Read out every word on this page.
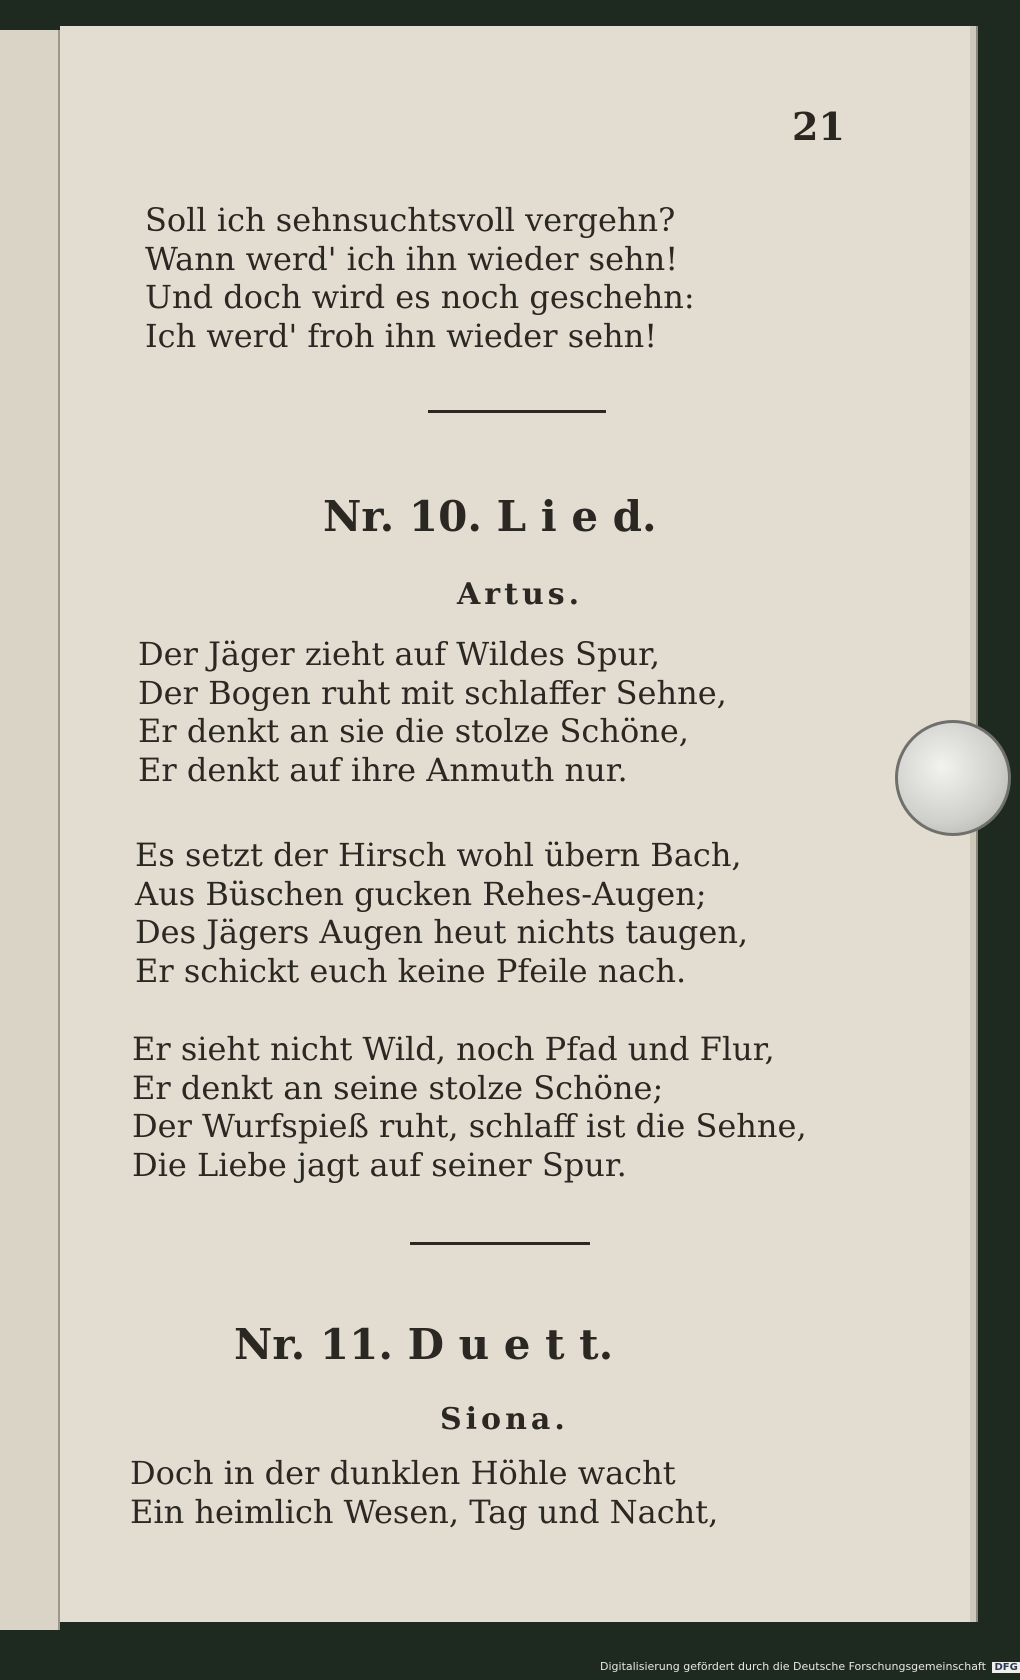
21
Soll ich sehnsuchtsvoll vergehn?
Wann werd' ich ihn wieder sehn!
Und doch wird es noch geschehn:
Ich werd' froh ihn wieder sehn!
Nr. 10. L i e d.
Artus.
Der Jäger zieht auf Wildes Spur,
Der Bogen ruht mit schlaffer Sehne,
Er denkt an sie die stolze Schöne,
Er denkt auf ihre Anmuth nur.
Es setzt der Hirsch wohl übern Bach,
Aus Büschen gucken Rehes-Augen;
Des Jägers Augen heut nichts taugen,
Er schickt euch keine Pfeile nach.
Er sieht nicht Wild, noch Pfad und Flur,
Er denkt an seine stolze Schöne;
Der Wurfspieß ruht, schlaff ist die Sehne,
Die Liebe jagt auf seiner Spur.
Nr. 11. D u e t t.
Siona.
Doch in der dunklen Höhle wacht
Ein heimlich Wesen, Tag und Nacht,
Digitalisierung gefördert durch die Deutsche Forschungsgemeinschaft DFG
